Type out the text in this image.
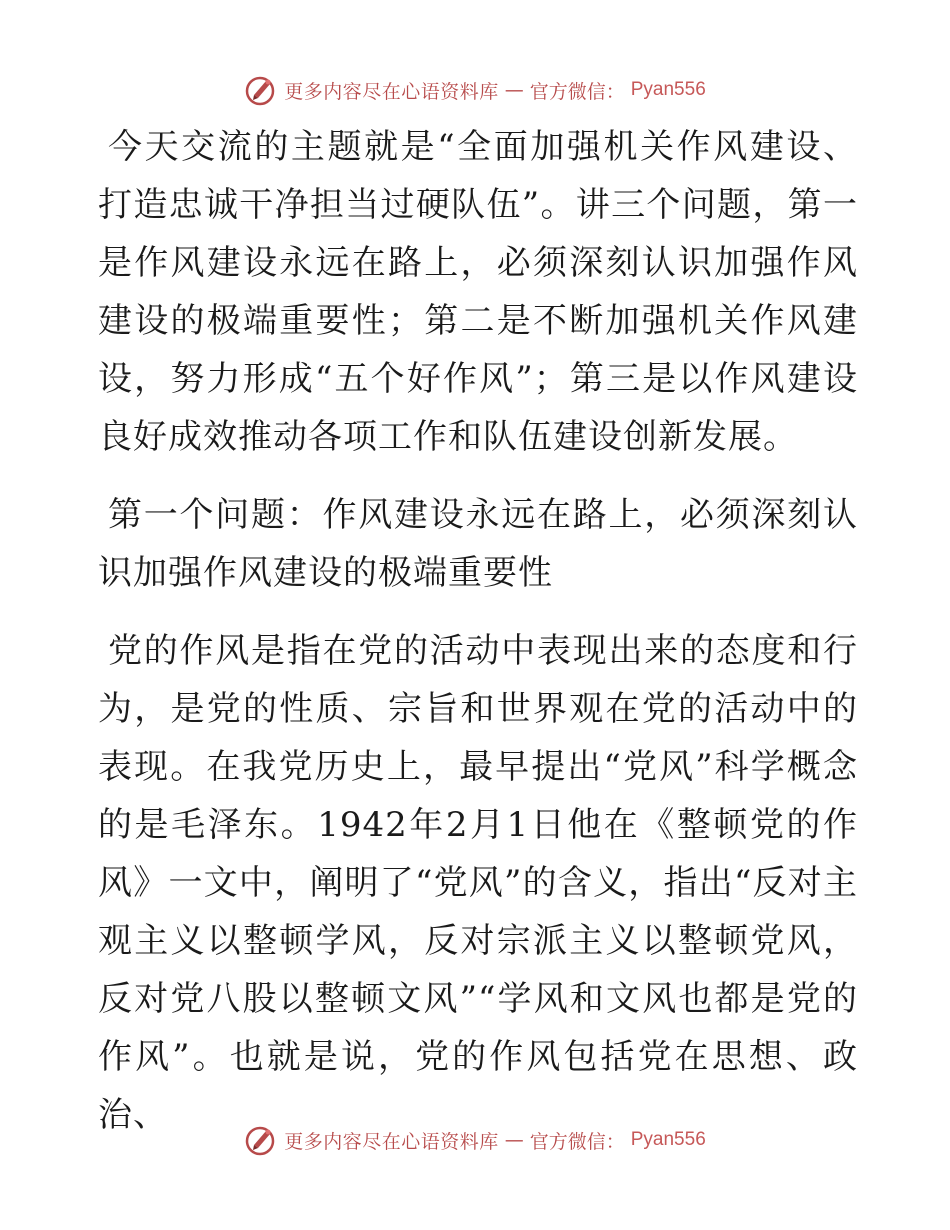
更多内容尽在心语资料库 — 官方微信： Pyan556

今天交流的主题就是“全面加强机关作风建设、打造忠诚干净担当过硬队伍”。讲三个问题，第一是作风建设永远在路上，必须深刻认识加强作风建设的极端重要性；第二是不断加强机关作风建设，努力形成“五个好作风”；第三是以作风建设良好成效推动各项工作和队伍建设创新发展。

第一个问题：作风建设永远在路上，必须深刻认识加强作风建设的极端重要性

党的作风是指在党的活动中表现出来的态度和行为，是党的性质、宗旨和世界观在党的活动中的表现。在我党历史上，最早提出“党风”科学概念的是毛泽东。1942年2月1日他在《整顿党的作风》一文中，阐明了“党风”的含义，指出“反对主观主义以整顿学风，反对宗派主义以整顿党风，反对党八股以整顿文风”“学风和文风也都是党的作风”。也就是说，党的作风包括党在思想、政治、

更多内容尽在心语资料库 — 官方微信： Pyan556
